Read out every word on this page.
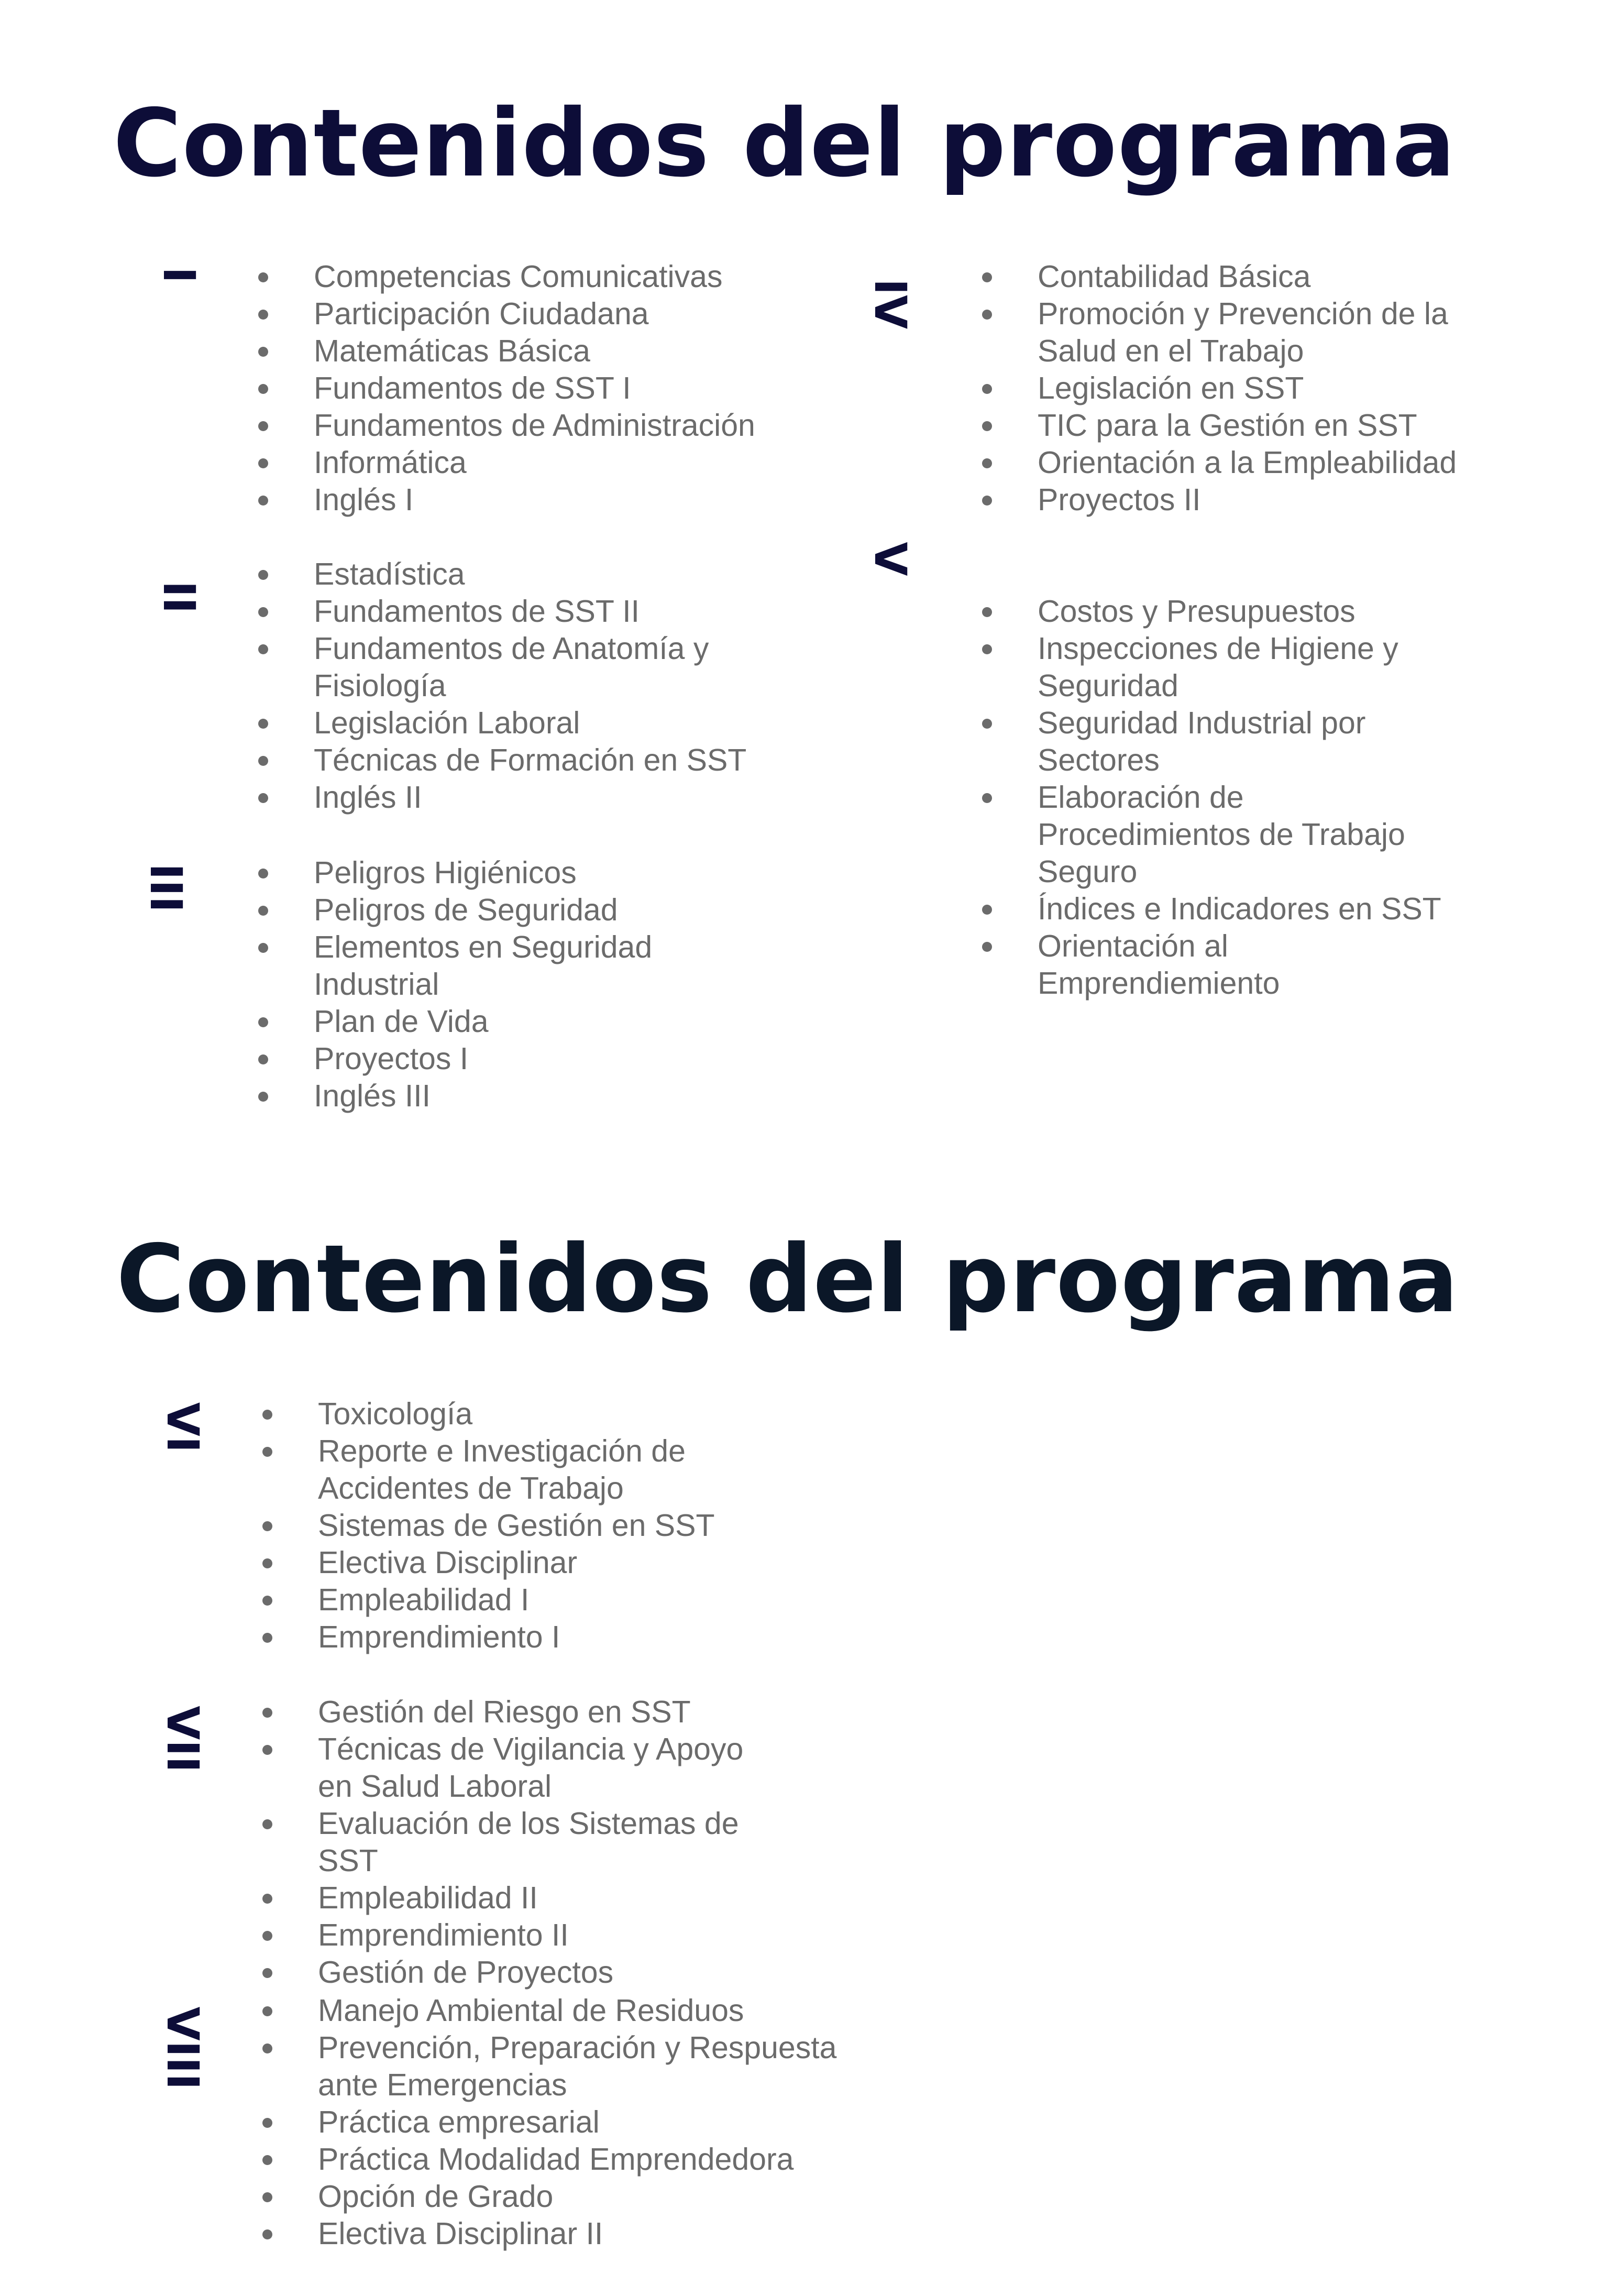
Contenidos del programa
I	Competencias Comunicativas
Participación Ciudadana
Matemáticas Básica
Fundamentos de SST I
Fundamentos de Administración
Informática
Inglés I
II
Estadística
Fundamentos de SST II
Fundamentos de Anatomía y Fisiología
Legislación Laboral
Técnicas de Formación en SST
Inglés II
III	Peligros Higiénicos
Peligros de Seguridad
Elementos en Seguridad Industrial
Plan de Vida
Proyectos I
Inglés III
IV
Contabilidad Básica
Promoción y Prevención de la Salud en el Trabajo
Legislación en SST
TIC para la Gestión en SST
Orientación a la Empleabilidad
Proyectos II
V
Costos y Presupuestos
Inspecciones de Higiene y Seguridad
Seguridad Industrial por Sectores
Elaboración de Procedimientos de Trabajo Seguro
Índices e Indicadores en SST
Orientación al Emprendiemiento
Contenidos del programa
VI	Toxicología
Reporte e Investigación de Accidentes de Trabajo
Sistemas de Gestión en SST
Electiva Disciplinar
Empleabilidad I
Emprendimiento I
VII	Gestión del Riesgo en SST
Técnicas de Vigilancia y Apoyo en Salud Laboral
Evaluación de los Sistemas de SST
Empleabilidad II
Emprendimiento II
Gestión de Proyectos
VIII	Manejo Ambiental de Residuos
Prevención, Preparación y Respuesta ante Emergencias
Práctica empresarial
Práctica Modalidad Emprendedora
Opción de Grado
Electiva Disciplinar II
